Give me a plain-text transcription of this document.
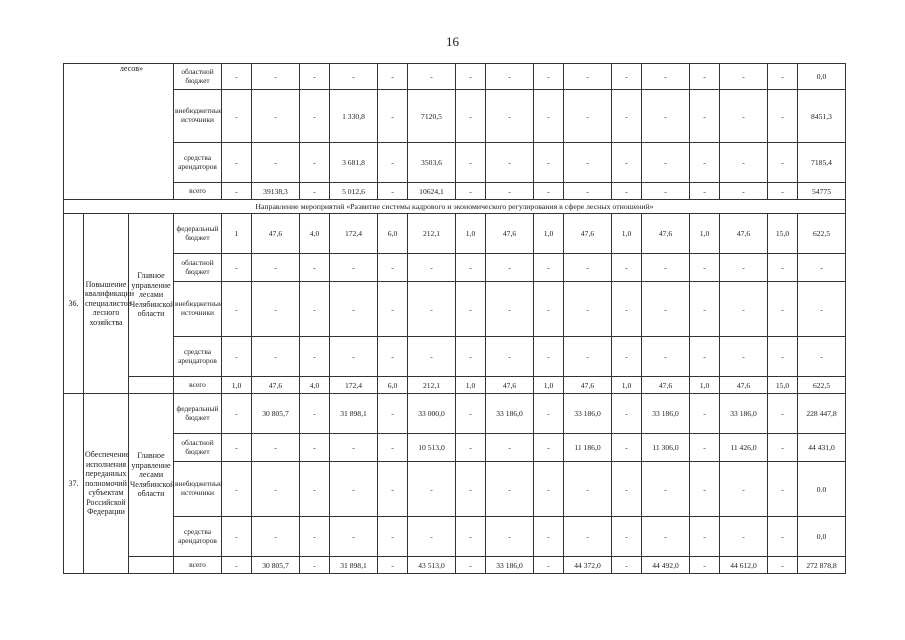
16
лесов»			областной бюджет	-	-	-	-	-	-	-	-	-	-	-	-	-	-	-	0,0
			внебюджетные источники	-	-	-	1 330,8	-	7120,5	-	-	-	-	-	-	-	-	-	8451,3
			средства арендаторов	-	-	-	3 681,8	-	3503,6	-	-	-	-	-	-	-	-	-	7185,4
			всего	-	39138,3	-	5 012,6	-	10624,1	-	-	-	-	-	-	-	-	-	54775
Направление мероприятий «Развитие системы кадрового и экономического регулирования в сфере лесных отношений»																			
36.	Повышение квалификации специалистов лесного хозяйства	Главное управление лесами Челябинской области	федеральный бюджет	1	47,6	4,0	172,4	6,0	212,1	1,0	47,6	1,0	47,6	1,0	47,6	1,0	47,6	15,0	622,5
			областной бюджет	-	-	-	-	-	-	-	-	-	-	-	-	-	-	-	-
			внебюджетные источники	-	-	-	-	-	-	-	-	-	-	-	-	-	-	-	-
			средства арендаторов	-	-	-	-	-	-	-	-	-	-	-	-	-	-	-	-
			всего	1,0	47,6	4,0	172,4	6,0	212,1	1,0	47,6	1,0	47,6	1,0	47,6	1,0	47,6	15,0	622,5
37.	Обеспечение исполнения переданных полномочий субъектам Российской Федерации	Главное управление лесами Челябинской области	федеральный бюджет	-	30 805,7	-	31 898,1	-	33 000,0	-	33 186,0	-	33 186,0	-	33 186,0	-	33 186,0	-	228 447,8
			областной бюджет	-	-	-	-	-	10 513,0	-	-	-	11 186,0	-	11 306,0	-	11 426,0	-	44 431,0
			внебюджетные источники	-	-	-	-	-	-	-	-	-	-	-	-	-	-	-	0.0
			средства арендаторов	-	-	-	-	-	-	-	-	-	-	-	-	-	-	-	0,0
			всего	-	30 805,7	-	31 898,1	-	43 513,0	-	33 186,0	-	44 372,0	-	44 492,0	-	44 612,0	-	272 878,8
